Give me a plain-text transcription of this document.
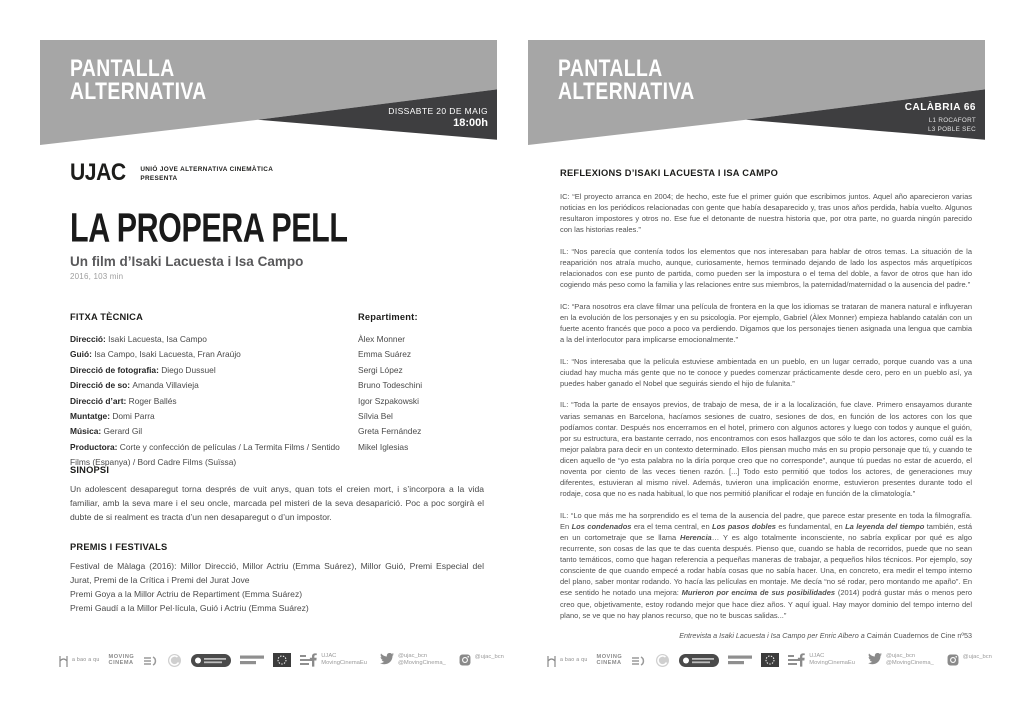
PANTALLA
ALTERNATIVA
DISSABTE 20 DE MAIG
18:00h
UJAC UNIÓ JOVE ALTERNATIVA CINEMÀTICA
PRESENTA
LA PROPERA PELL
Un film d’Isaki Lacuesta i Isa Campo
2016, 103 min
FITXA TÈCNICA
Direcció: Isaki Lacuesta, Isa Campo
Guió: Isa Campo, Isaki Lacuesta, Fran Araújo
Direcció de fotografia: Diego Dussuel
Direcció de so: Amanda Villavieja
Direcció d’art: Roger Ballés
Muntatge: Domi Parra
Música: Gerard Gil
Productora: Corte y confección de películas / La Termita Films / Sentido Films (Espanya) / Bord Cadre Films (Suïssa)
Repartiment:
Àlex Monner
Emma Suárez
Sergi López
Bruno Todeschini
Igor Szpakowski
Sílvia Bel
Greta Fernández
Mikel Iglesias
SINOPSI
Un adolescent desaparegut torna després de vuit anys, quan tots el creien mort, i s’incorpora a la vida familiar, amb la seva mare i el seu oncle, marcada pel misteri de la seva desaparició. Poc a poc sorgirà el dubte de si realment es tracta d’un nen desaparegut o d’un impostor.
PREMIS I FESTIVALS
Festival de Màlaga (2016): Millor Direcció, Millor Actriu (Emma Suárez), Millor Guió, Premi Especial del Jurat, Premi de la Crítica i Premi del Jurat Jove
Premi Goya a la Millor Actriu de Repartiment (Emma Suárez)
Premi Gaudí a la Millor Pel·lícula, Guió i Actriu (Emma Suárez)
a bao a qu MOVING
CINEMA
UJAC
MovingCinemaEu
@ujac_bcn
@MovingCinema_
@ujac_bcn
PANTALLA
ALTERNATIVA
CALÀBRIA 66
L1 ROCAFORT
L3 POBLE SEC
REFLEXIONS D’ISAKI LACUESTA I ISA CAMPO

IC: “El proyecto arranca en 2004; de hecho, este fue el primer guión que escribimos juntos. Aquel año aparecieron varias noticias en los periódicos relacionadas con gente que había desaparecido y, tras unos años perdida, había vuelto. Algunos resultaron impostores y otros no. Ese fue el detonante de nuestra historia que, por otra parte, no guarda ningún parecido con las historias reales.”

IL: “Nos parecía que contenía todos los elementos que nos interesaban para hablar de otros temas. La situación de la reaparición nos atraía mucho, aunque, curiosamente, hemos terminado dejando de lado los aspectos más arquetípicos relacionados con ese punto de partida, como pueden ser la impostura o el tema del doble, a favor de otros que han ido cogiendo más peso como la familia y las relaciones entre sus miembros, la paternidad/maternidad o la ausencia del padre.”

IC: “Para nosotros era clave filmar una película de frontera en la que los idiomas se trataran de manera natural e influyeran en la evolución de los personajes y en su psicología. Por ejemplo, Gabriel (Àlex Monner) empieza hablando catalán con un fuerte acento francés que poco a poco va perdiendo. Digamos que los personajes tienen asignada una lengua que cambia a la del interlocutor para implicarse emocionalmente.”

IL: “Nos interesaba que la película estuviese ambientada en un pueblo, en un lugar cerrado, porque cuando vas a una ciudad hay mucha más gente que no te conoce y puedes comenzar prácticamente desde cero, pero en un pueblo así, ya puedes haber ganado el Nobel que seguirás siendo el hijo de fulanita.”

IL: “Toda la parte de ensayos previos, de trabajo de mesa, de ir a la localización, fue clave. Primero ensayamos durante varias semanas en Barcelona, hacíamos sesiones de cuatro, sesiones de dos, en función de los actores con los que podíamos contar. Después nos encerramos en el hotel, primero con algunos actores y luego con todos y aunque el guión, por su estructura, era bastante cerrado, nos encontramos con esos hallazgos que sólo te dan los actores, como cuál es la mejor palabra para decir en un contexto determinado. Ellos piensan mucho más en su propio personaje que tú, y cuando te dicen aquello de “yo esta palabra no la diría porque creo que no corresponde”, aunque tú puedas no estar de acuerdo, el noventa por ciento de las veces tienen razón. [...] Todo esto permitió que todos los actores, de generaciones muy diferentes, estuvieran al mismo nivel. Además, tuvieron una implicación enorme, estuvieron presentes durante todo el rodaje, cosa que no es nada habitual, lo que nos permitió planificar el rodaje en función de la climatología.”

IL: “Lo que más me ha sorprendido es el tema de la ausencia del padre, que parece estar presente en toda la filmografía. En Los condenados era el tema central, en Los pasos dobles es fundamental, en La leyenda del tiempo también, está en un cortometraje que se llama Herencia… Y es algo totalmente inconsciente, no sabría explicar por qué es algo recurrente, son cosas de las que te das cuenta después. Pienso que, cuando se habla de recorridos, puede que no sean tanto temáticos, como que hagan referencia a pequeñas maneras de trabajar, a pequeños hilos técnicos. Por ejemplo, soy consciente de que cuando empecé a rodar había cosas que no sabía hacer. Una, en concreto, era medir el tempo interno del plano, saber montar rodando. Yo hacía las películas en montaje. Me decía “no sé rodar, pero montando me apaño”. En ese sentido he notado una mejora: Murieron por encima de sus posibilidades (2014) podrá gustar más o menos pero creo que, objetivamente, estoy rodando mejor que hace diez años. Y aquí igual. Hay mayor dominio del tempo interno del plano, se ve que no hay planos recurso, que no te buscas salidas...”

Entrevista a Isaki Lacuesta i Isa Campo per Enric Albero a Caimán Cuadernos de Cine nº53
a bao a qu MOVING
CINEMA
UJAC
MovingCinemaEu
@ujac_bcn
@MovingCinema_
@ujac_bcn
